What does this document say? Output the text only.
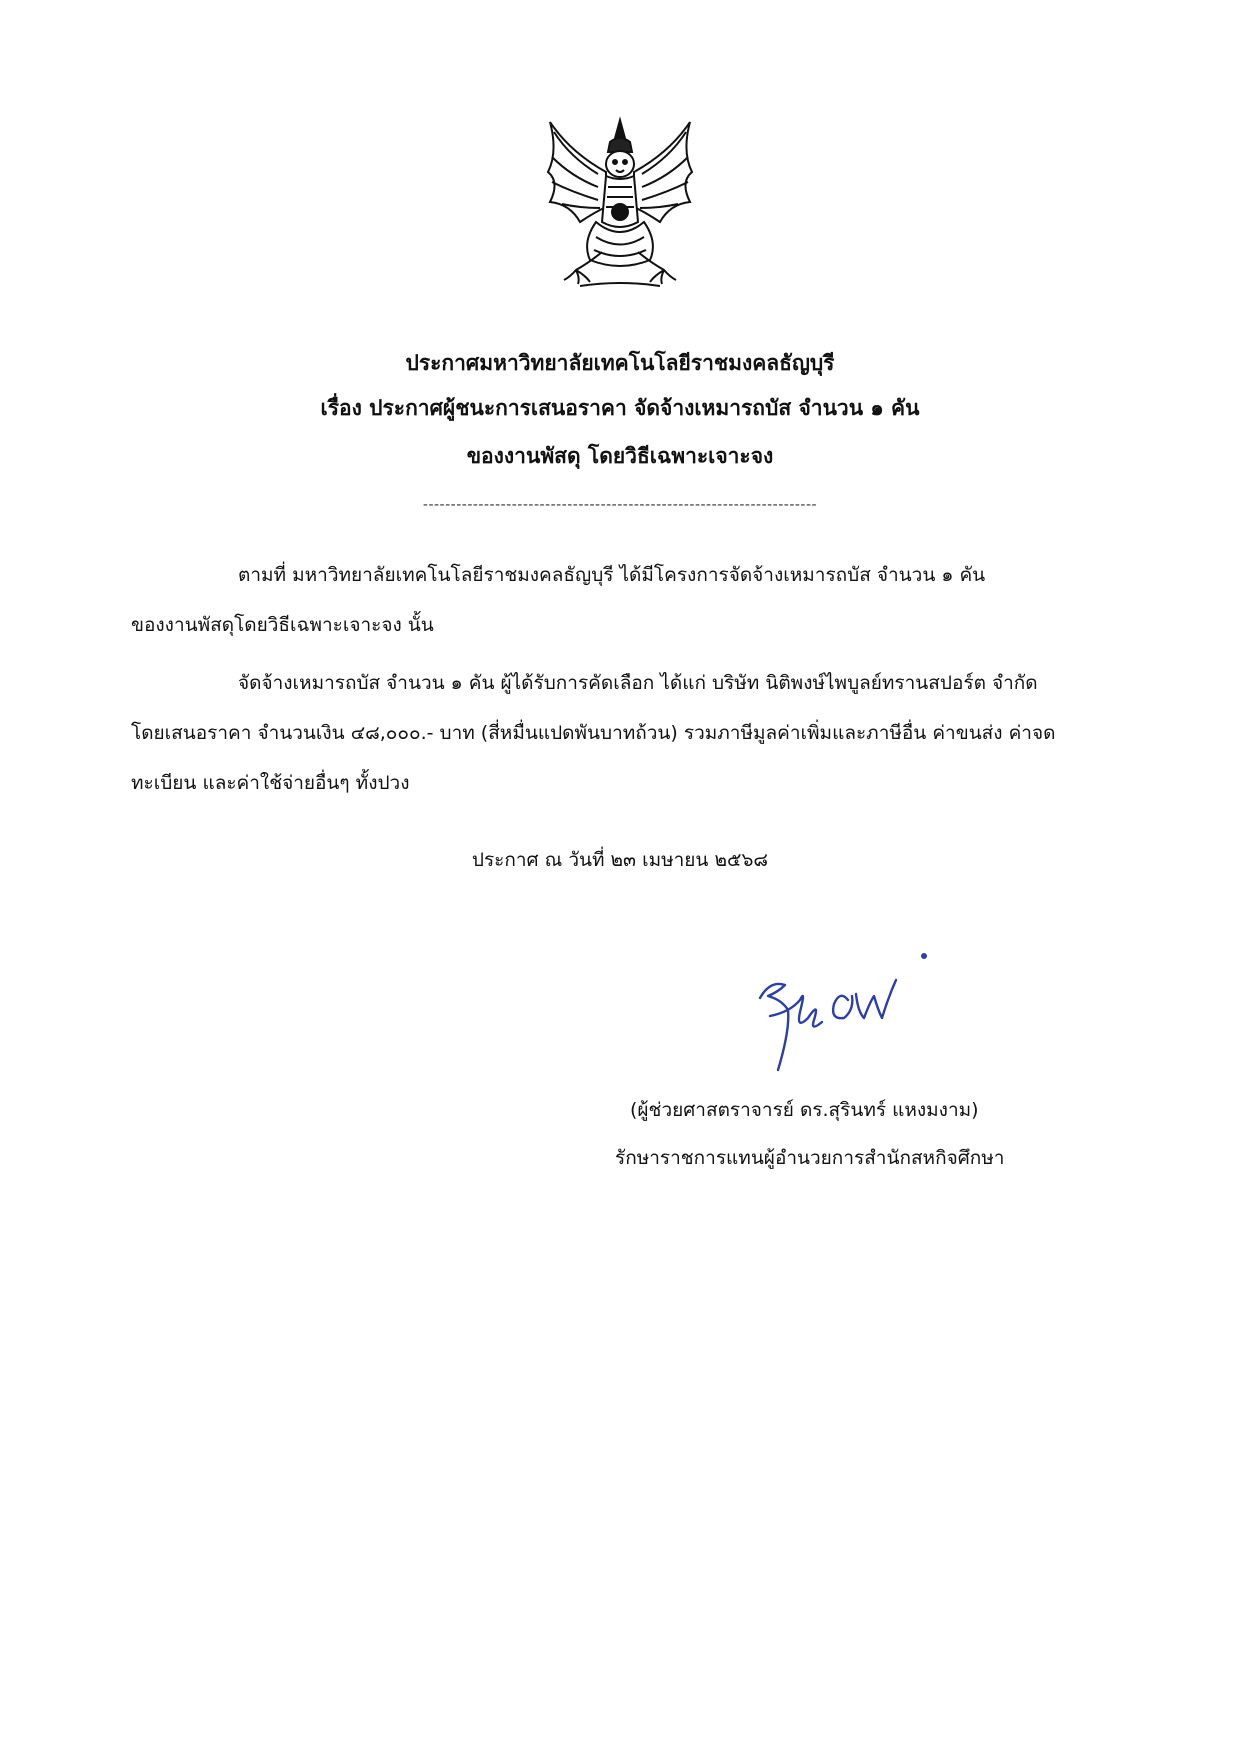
ประกาศมหาวิทยาลัยเทคโนโลยีราชมงคลธัญบุรี
เรื่อง ประกาศผู้ชนะการเสนอราคา จัดจ้างเหมารถบัส จำนวน ๑ คัน
ของงานพัสดุ โดยวิธีเฉพาะเจาะจง
-----------------------------------------------------------------------
ตามที่ มหาวิทยาลัยเทคโนโลยีราชมงคลธัญบุรี ได้มีโครงการจัดจ้างเหมารถบัส จำนวน ๑ คัน
ของงานพัสดุโดยวิธีเฉพาะเจาะจง นั้น
จัดจ้างเหมารถบัส จำนวน ๑ คัน ผู้ได้รับการคัดเลือก ได้แก่ บริษัท นิติพงษ์ไพบูลย์ทรานสปอร์ต จำกัด
โดยเสนอราคา จำนวนเงิน ๔๘,๐๐๐.- บาท (สี่หมื่นแปดพันบาทถ้วน) รวมภาษีมูลค่าเพิ่มและภาษีอื่น ค่าขนส่ง ค่าจด
ทะเบียน และค่าใช้จ่ายอื่นๆ ทั้งปวง
ประกาศ ณ วันที่ ๒๓ เมษายน ๒๕๖๘
(ผู้ช่วยศาสตราจารย์ ดร.สุรินทร์ แหงมงาม)
รักษาราชการแทนผู้อำนวยการสำนักสหกิจศึกษา
